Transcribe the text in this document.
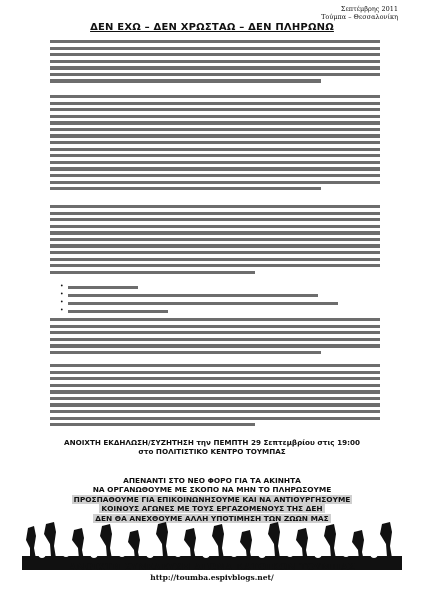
Σεπτέμβρης 2011
Τούμπα – Θεσσαλονίκη
ΔΕΝ ΕΧΩ – ΔΕΝ ΧΡΩΣΤΑΩ – ΔΕΝ ΠΛΗΡΩΝΩ
•
•
•
•
ΑΝΟΙΧΤΗ ΕΚΔΗΛΩΣΗ/ΣΥΖΗΤΗΣΗ την ΠΕΜΠΤΗ 29 Σεπτεμβρίου στις 19:00
στο ΠΟΛΙΤΙΣΤΙΚΟ ΚΕΝΤΡΟ ΤΟΥΜΠΑΣ
ΑΠΕΝΑΝΤΙ ΣΤΟ ΝΕΟ ΦΟΡΟ ΓΙΑ ΤΑ ΑΚΙΝΗΤΑ
ΝΑ ΟΡΓΑΝΩΘΟΥΜΕ ΜΕ ΣΚΟΠΟ ΝΑ ΜΗΝ ΤΟ ΠΛΗΡΩΣΟΥΜΕ
ΠΡΟΣΠΑΘΟΥΜΕ ΓΙΑ ΕΠΙΚΟΙΝΩΝΗΣΟΥΜΕ ΚΑΙ ΝΑ ΑΝΤΙΟΥΡΓΗΣΟΥΜΕ
ΚΟΙΝΟΥΣ ΑΓΩΝΕΣ ΜΕ ΤΟΥΣ ΕΡΓΑΖΟΜΕΝΟΥΣ ΤΗΣ ΔΕΗ
ΔΕΝ ΘΑ ΑΝΕΧΘΟΥΜΕ ΑΛΛΗ ΥΠΟΤΙΜΗΣΗ ΤΩΝ ΖΩΩΝ ΜΑΣ
ΑΝΟΙΧΤΗ ΣΥΝΕΛΕΥΣΗ ΑΓΩΝΑ ΚΑΤΟΙΚΩΝ ΤΟΥΜΠΑΣ
http://toumba.espivblogs.net/
